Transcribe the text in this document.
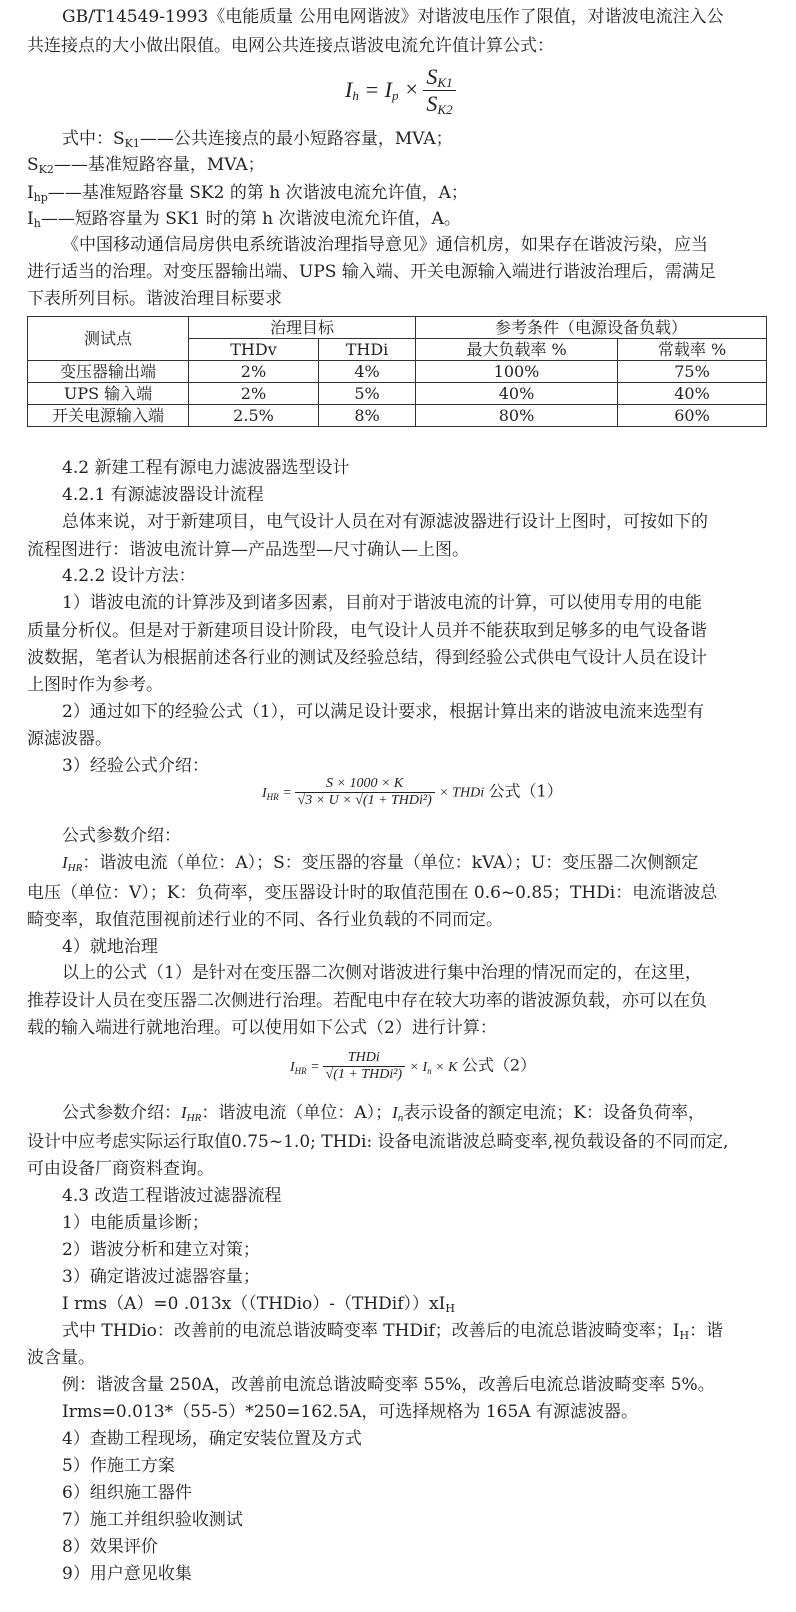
GB/T14549-1993《电能质量 公用电网谐波》对谐波电压作了限值，对谐波电流注入公
共连接点的大小做出限值。电网公共连接点谐波电流允许值计算公式：
$I_h = I_p \times \frac{S_{K1}}{S_{K2}}$
式中：$S_{K1}——$公共连接点的最小短路容量，MVA；
$S_{K2}——$基准短路容量，MVA；
$I_{hp}——$基准短路容量 SK2 的第 h 次谐波电流允许值，A；
$I_h——$短路容量为 SK1 时的第 h 次谐波电流允许值，A。
《中国移动通信局房供电系统谐波治理指导意见》通信机房，如果存在谐波污染，应当
进行适当的治理。对变压器输出端、UPS 输入端、开关电源输入端进行谐波治理后，需满足
下表所列目标。谐波治理目标要求
测试点	治理目标		参考条件（电源设备负载）	
	THDv	THDi	最大负载率 %	常载率 %
变压器输出端	2%	4%	100%	75%
UPS 输入端	2%	5%	40%	40%
开关电源输入端	2.5%	8%	80%	60%
4.2 新建工程有源电力滤波器选型设计
4.2.1 有源滤波器设计流程
总体来说，对于新建项目，电气设计人员在对有源滤波器进行设计上图时，可按如下的
流程图进行：谐波电流计算—产品选型—尺寸确认—上图。
4.2.2 设计方法：
1）谐波电流的计算涉及到诸多因素，目前对于谐波电流的计算，可以使用专用的电能
质量分析仪。但是对于新建项目设计阶段，电气设计人员并不能获取到足够多的电气设备谐
波数据，笔者认为根据前述各行业的测试及经验总结，得到经验公式供电气设计人员在设计
上图时作为参考。
2）通过如下的经验公式（1），可以满足设计要求，根据计算出来的谐波电流来选型有
源滤波器。
3）经验公式介绍：
$I_{HR} = \frac{S \times 1000 \times K}{\text{√3 × U × √(1 + THDi²)}}$ × THDi 公式（1）
公式参数介绍：
$I_{HR}$：谐波电流（单位：A）；S：变压器的容量（单位：kVA）；U：变压器二次侧额定
电压（单位：V）；K：负荷率，变压器设计时的取值范围在 0.6~0.85；THDi：电流谐波总
畸变率，取值范围视前述行业的不同、各行业负载的不同而定。
4）就地治理
以上的公式（1）是针对在变压器二次侧对谐波进行集中治理的情况而定的，在这里，
推荐设计人员在变压器二次侧进行治理。若配电中存在较大功率的谐波源负载，亦可以在负
载的输入端进行就地治理。可以使用如下公式（2）进行计算：
$I_{HR} = \frac{\text{THDi}}{\text{√(1 + THDi²)}} \times I_n \times K$ 公式（2）
公式参数介绍：$I_{HR}$：谐波电流（单位：A）；$I_n$表示设备的额定电流；K：设备负荷率，
设计中应考虑实际运行取值0.75~1.0; THDi: 设备电流谐波总畸变率,视负载设备的不同而定,
可由设备厂商资料查询。
4.3 改造工程谐波过滤器流程
1）电能质量诊断；
2）谐波分析和建立对策；
3）确定谐波过滤器容量；
I rms（A）=0 $.013x((THDio)-(THDif))xI_H$
式中 THDio：改善前的电流总谐波畸变率 THDif；改善后的电流总谐波畸变率；$I_H$：谐
波含量。
例：谐波含量 250A，改善前电流总谐波畸变率 55%，改善后电流总谐波畸变率 5%。
Irms=0.013*（55-5）*250=162.5A，可选择规格为 165A 有源滤波器。
4）查勘工程现场，确定安装位置及方式
5）作施工方案
6）组织施工器件
7）施工并组织验收测试
8）效果评价
9）用户意见收集
